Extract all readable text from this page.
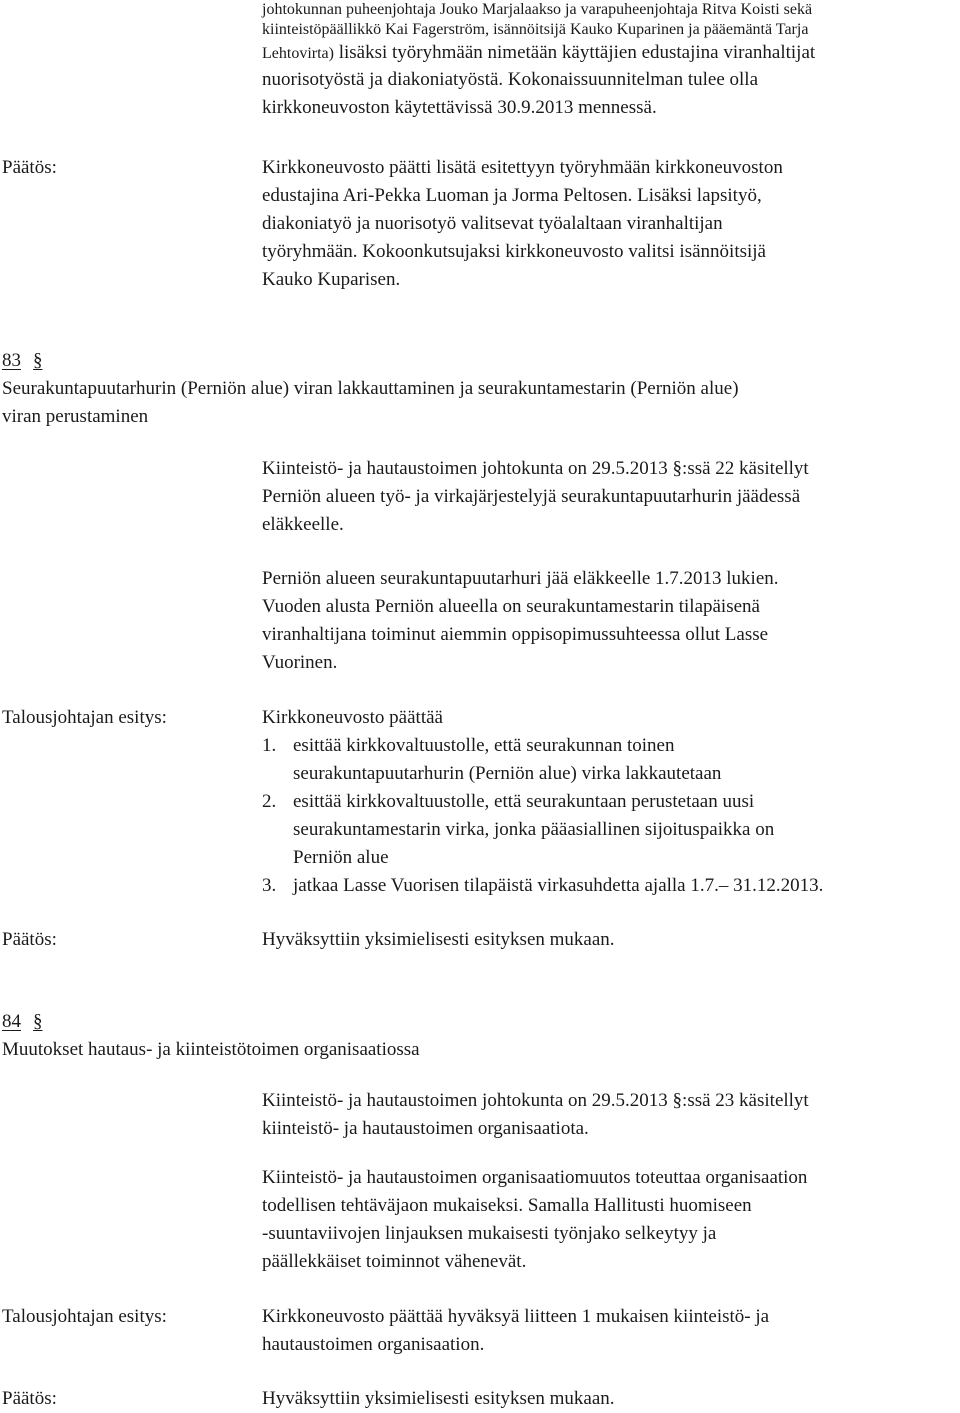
johtokunnan puheenjohtaja Jouko Marjalaakso ja varapuheenjohtaja Ritva Koisti sekä
kiinteistöpäällikkö Kai Fagerström, isännöitsijä Kauko Kuparinen ja pääemäntä Tarja
Lehtovirta) lisäksi työryhmään nimetään käyttäjien edustajina viranhaltijat
nuorisotyöstä ja diakoniatyöstä. Kokonaissuunnitelman tulee olla
kirkkoneuvoston käytettävissä 30.9.2013 mennessä.
Päätös:	Kirkkoneuvosto päätti lisätä esitettyyn työryhmään kirkkoneuvoston
edustajina Ari-Pekka Luoman ja Jorma Peltosen. Lisäksi lapsityö,
diakoniatyö ja nuorisotyö valitsevat työalaltaan viranhaltijan
työryhmään. Kokoonkutsujaksi kirkkoneuvosto valitsi isännöitsijä
Kauko Kuparisen.
83 §
Seurakuntapuutarhurin (Perniön alue) viran lakkauttaminen ja seurakuntamestarin (Perniön alue)
viran perustaminen
Kiinteistö- ja hautaustoimen johtokunta on 29.5.2013 §:ssä 22 käsitellyt
Perniön alueen työ- ja virkajärjestelyjä seurakuntapuutarhurin jäädessä
eläkkeelle.
Perniön alueen seurakuntapuutarhuri jää eläkkeelle 1.7.2013 lukien.
Vuoden alusta Perniön alueella on seurakuntamestarin tilapäisenä
viranhaltijana toiminut aiemmin oppisopimussuhteessa ollut Lasse
Vuorinen.
Talousjohtajan esitys:	Kirkkoneuvosto päättää
1. esittää kirkkovaltuustolle, että seurakunnan toinen
seurakuntapuutarhurin (Perniön alue) virka lakkautetaan
2. esittää kirkkovaltuustolle, että seurakuntaan perustetaan uusi
seurakuntamestarin virka, jonka pääasiallinen sijoituspaikka on
Perniön alue
3. jatkaa Lasse Vuorisen tilapäistä virkasuhdetta ajalla 1.7.– 31.12.2013.
Päätös:	Hyväksyttiin yksimielisesti esityksen mukaan.
84 §
Muutokset hautaus- ja kiinteistötoimen organisaatiossa
Kiinteistö- ja hautaustoimen johtokunta on 29.5.2013 §:ssä 23 käsitellyt
kiinteistö- ja hautaustoimen organisaatiota.
Kiinteistö- ja hautaustoimen organisaatiomuutos toteuttaa organisaation
todellisen tehtäväjaon mukaiseksi. Samalla Hallitusti huomiseen
-suuntaviivojen linjauksen mukaisesti työnjako selkeytyy ja
päällekkäiset toiminnot vähenevät.
Talousjohtajan esitys:	Kirkkoneuvosto päättää hyväksyä liitteen 1 mukaisen kiinteistö- ja
hautaustoimen organisaation.
Päätös:	Hyväksyttiin yksimielisesti esityksen mukaan.
